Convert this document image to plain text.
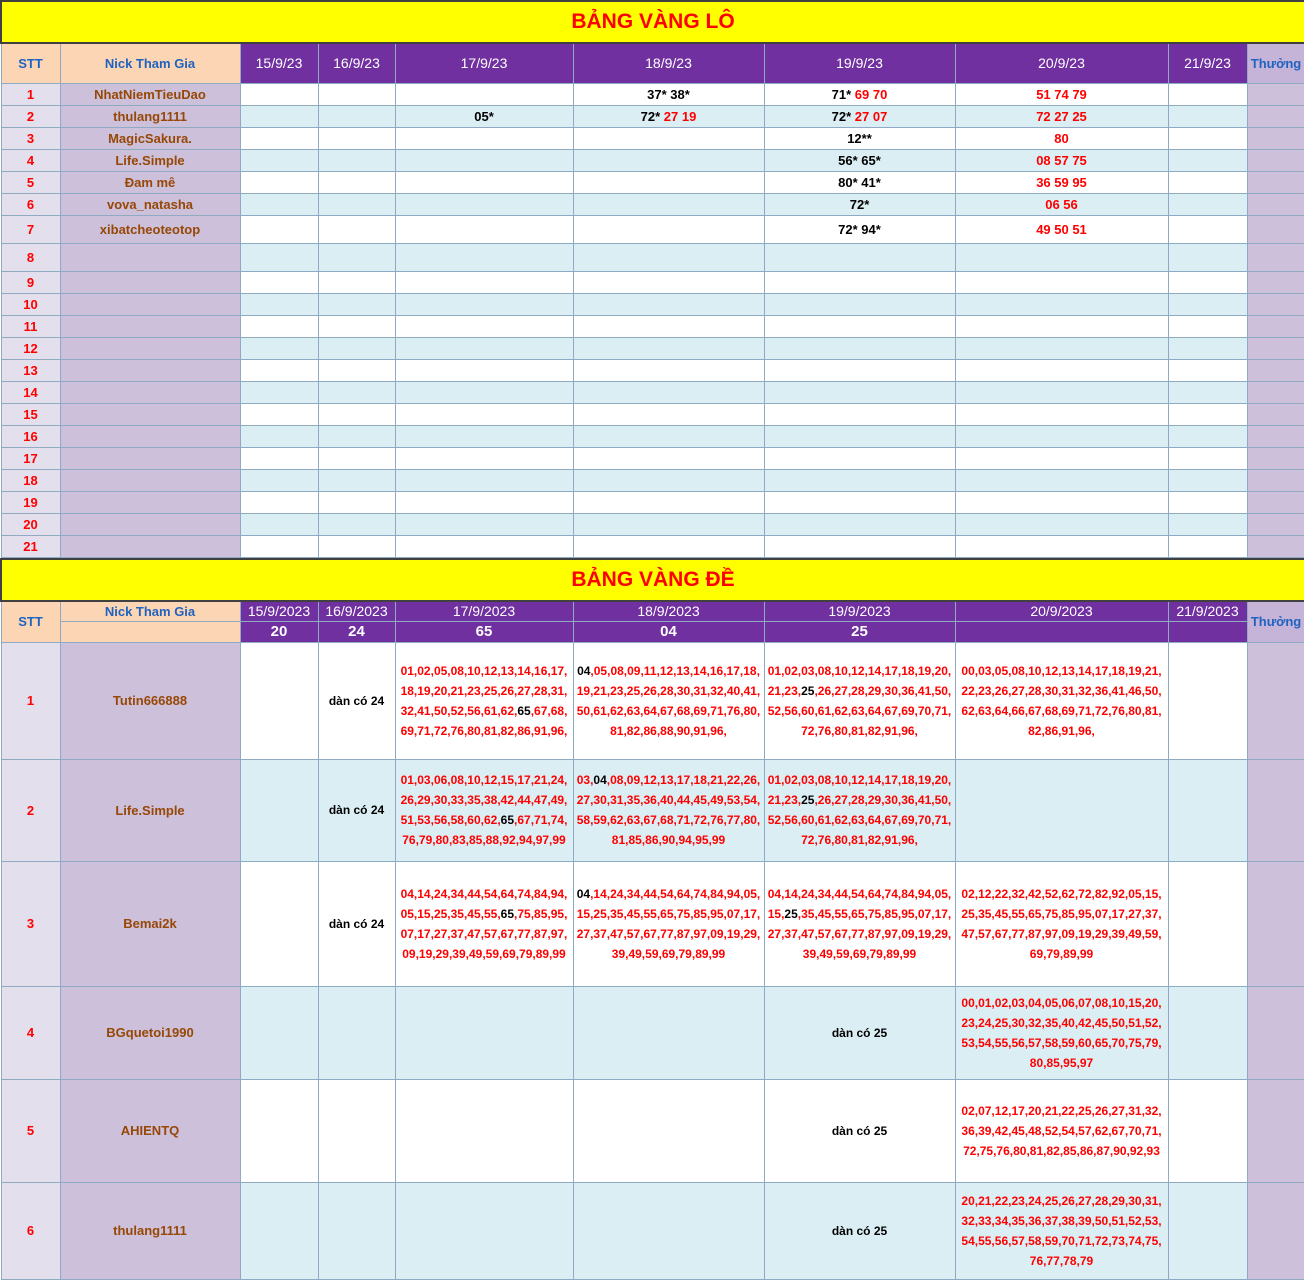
BẢNG VÀNG LÔ									
STT	Nick Tham Gia	15/9/23	16/9/23	17/9/23	18/9/23	19/9/23	20/9/23	21/9/23	Thưởng
1	NhatNiemTieuDao				37* 38*	71* 69 70	51 74 79		
2	thulang1111			05*	72* 27 19	72* 27 07	72 27 25		
3	MagicSakura.					12**	80		
4	Life.Simple					56* 65*	08 57 75		
5	Đam mê					80* 41*	36 59 95		
6	vova_natasha					72*	06 56		
7	xibatcheoteotop					72* 94*	49 50 51		
8									
9									
10									
11									
12									
13									
14									
15									
16									
17									
18									
19									
20									
21									
BẢNG VÀNG ĐỀ									
STT	Nick Tham Gia	15/9/2023	16/9/2023	17/9/2023	18/9/2023	19/9/2023	20/9/2023	21/9/2023	Thưởng
		20	24	65	04	25			
1	Tutin666888		dàn có 24	01,02,05,08,10,12,13,14,16,17,18,19,20,21,23,25,26,27,28,31,32,41,50,52,56,61,62,65,67,68,69,71,72,76,80,81,82,86,91,96,	04,05,08,09,11,12,13,14,16,17,18,19,21,23,25,26,28,30,31,32,40,41,50,61,62,63,64,67,68,69,71,76,80,81,82,86,88,90,91,96,	01,02,03,08,10,12,14,17,18,19,20,21,23,25,26,27,28,29,30,36,41,50,52,56,60,61,62,63,64,67,69,70,71,72,76,80,81,82,91,96,	00,03,05,08,10,12,13,14,17,18,19,21,22,23,26,27,28,30,31,32,36,41,46,50,62,63,64,66,67,68,69,71,72,76,80,81,82,86,91,96,		
2	Life.Simple		dàn có 24	01,03,06,08,10,12,15,17,21,24,26,29,30,33,35,38,42,44,47,49,51,53,56,58,60,62,65,67,71,74,76,79,80,83,85,88,92,94,97,99	03,04,08,09,12,13,17,18,21,22,26,27,30,31,35,36,40,44,45,49,53,54,58,59,62,63,67,68,71,72,76,77,80,81,85,86,90,94,95,99	01,02,03,08,10,12,14,17,18,19,20,21,23,25,26,27,28,29,30,36,41,50,52,56,60,61,62,63,64,67,69,70,71,72,76,80,81,82,91,96,			
3	Bemai2k		dàn có 24	04,14,24,34,44,54,64,74,84,94,05,15,25,35,45,55,65,75,85,95,07,17,27,37,47,57,67,77,87,97,09,19,29,39,49,59,69,79,89,99	04,14,24,34,44,54,64,74,84,94,05,15,25,35,45,55,65,75,85,95,07,17,27,37,47,57,67,77,87,97,09,19,29,39,49,59,69,79,89,99	04,14,24,34,44,54,64,74,84,94,05,15,25,35,45,55,65,75,85,95,07,17,27,37,47,57,67,77,87,97,09,19,29,39,49,59,69,79,89,99	02,12,22,32,42,52,62,72,82,92,05,15,25,35,45,55,65,75,85,95,07,17,27,37,47,57,67,77,87,97,09,19,29,39,49,59,69,79,89,99		
4	BGquetoi1990					dàn có 25	00,01,02,03,04,05,06,07,08,10,15,20,23,24,25,30,32,35,40,42,45,50,51,52,53,54,55,56,57,58,59,60,65,70,75,79,80,85,95,97		
5	AHIENTQ					dàn có 25	02,07,12,17,20,21,22,25,26,27,31,32,36,39,42,45,48,52,54,57,62,67,70,71,72,75,76,80,81,82,85,86,87,90,92,93		
6	thulang1111					dàn có 25	20,21,22,23,24,25,26,27,28,29,30,31,32,33,34,35,36,37,38,39,50,51,52,53,54,55,56,57,58,59,70,71,72,73,74,75,76,77,78,79		
